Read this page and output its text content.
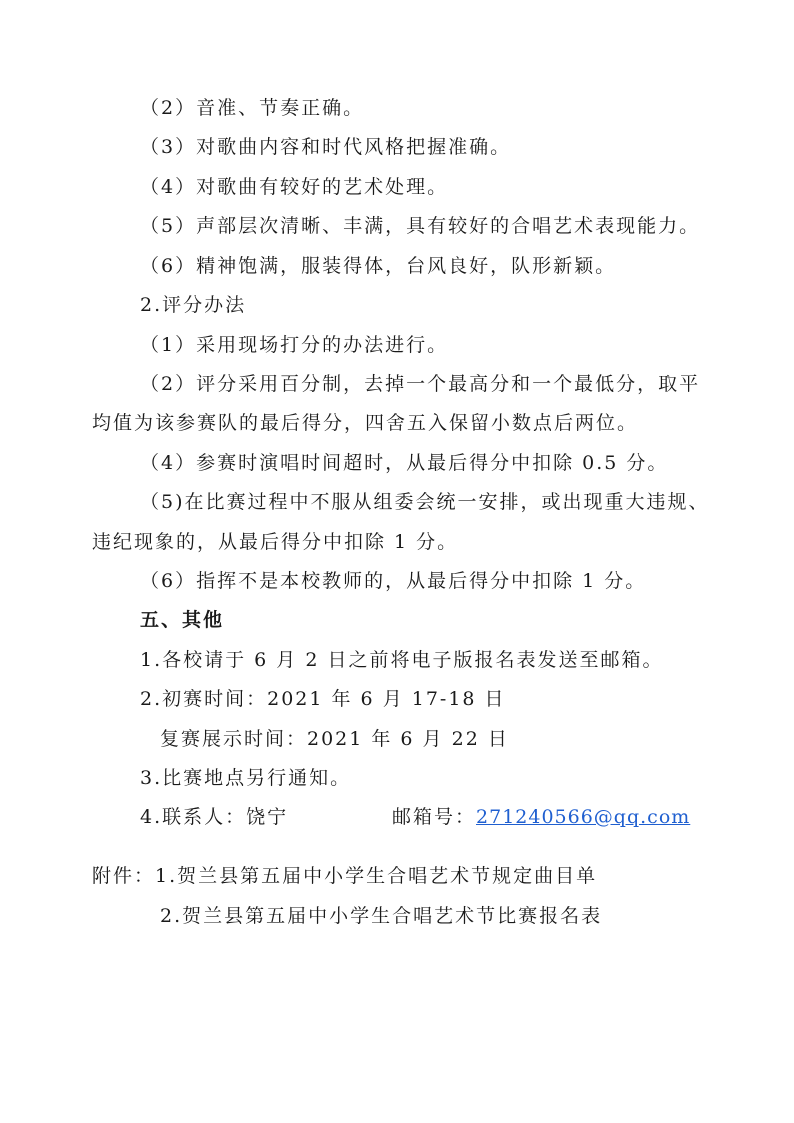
（2）音准、节奏正确。
（3）对歌曲内容和时代风格把握准确。
（4）对歌曲有较好的艺术处理。
（5）声部层次清晰、丰满，具有较好的合唱艺术表现能力。
（6）精神饱满，服装得体，台风良好，队形新颖。
2.评分办法
（1）采用现场打分的办法进行。
（2）评分采用百分制，去掉一个最高分和一个最低分，取平
均值为该参赛队的最后得分，四舍五入保留小数点后两位。
（4）参赛时演唱时间超时，从最后得分中扣除 0.5 分。
（5)在比赛过程中不服从组委会统一安排，或出现重大违规、
违纪现象的，从最后得分中扣除 1 分。
（6）指挥不是本校教师的，从最后得分中扣除 1 分。
五、其他
1.各校请于 6 月 2 日之前将电子版报名表发送至邮箱。
2.初赛时间：2021 年 6 月 17-18 日
复赛展示时间：2021 年 6 月 22 日
3.比赛地点另行通知。
4.联系人：饶宁	邮箱号：271240566@qq.com
附件：1.贺兰县第五届中小学生合唱艺术节规定曲目单
2.贺兰县第五届中小学生合唱艺术节比赛报名表
